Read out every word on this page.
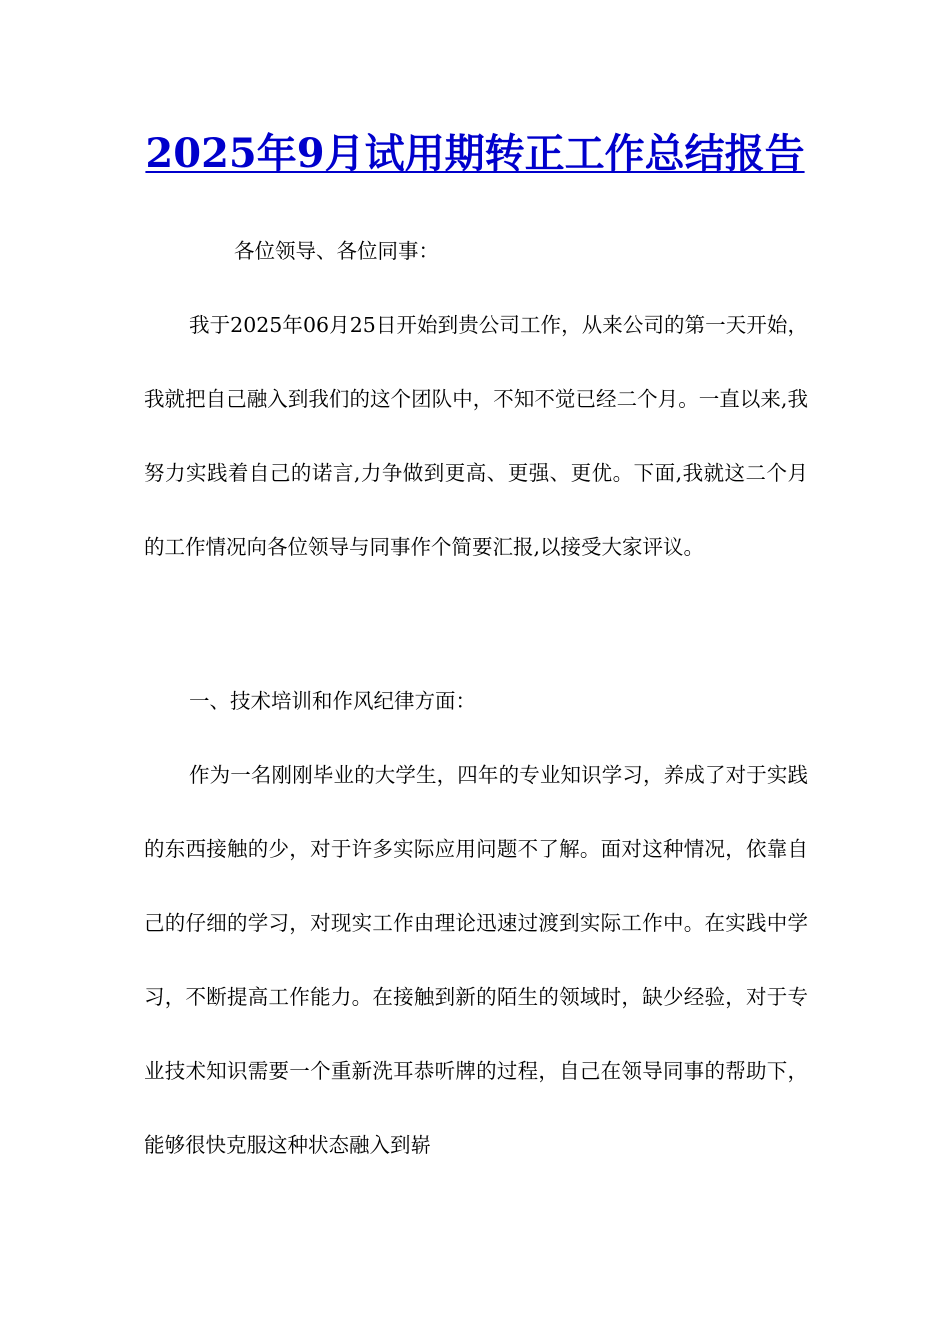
2025年9月试用期转正工作总结报告

各位领导、各位同事：

我于2025年06月25日开始到贵公司工作，从来公司的第一天开始，我就把自己融入到我们的这个团队中，不知不觉已经二个月。一直以来,我努力实践着自己的诺言,力争做到更高、更强、更优。下面,我就这二个月的工作情况向各位领导与同事作个简要汇报,以接受大家评议。

一、技术培训和作风纪律方面：

作为一名刚刚毕业的大学生，四年的专业知识学习，养成了对于实践的东西接触的少，对于许多实际应用问题不了解。面对这种情况，依靠自己的仔细的学习，对现实工作由理论迅速过渡到实际工作中。在实践中学习，不断提高工作能力。在接触到新的陌生的领域时，缺少经验，对于专业技术知识需要一个重新洗耳恭听牌的过程，自己在领导同事的帮助下，能够很快克服这种状态融入到崭
